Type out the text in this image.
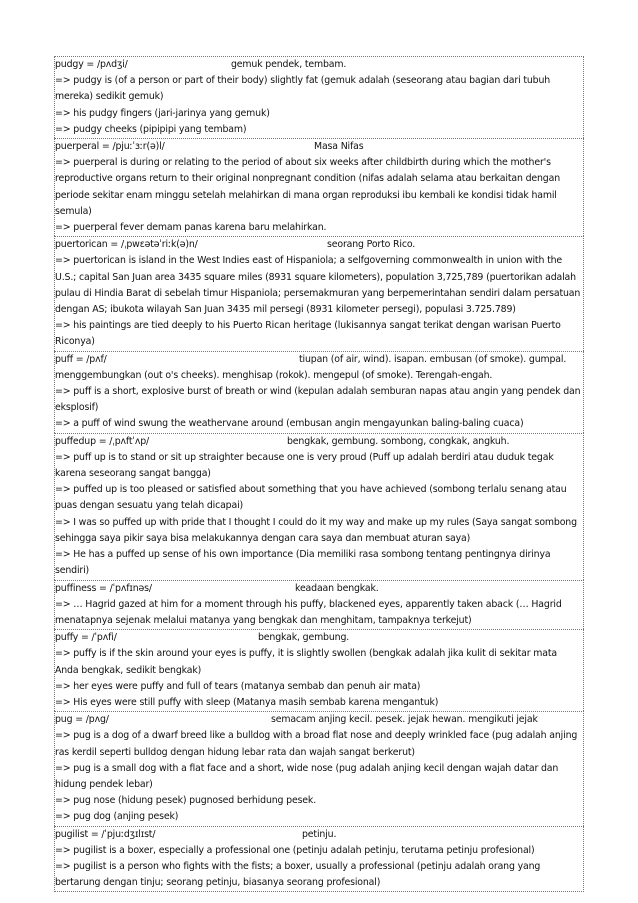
pudgy = /pʌdʒi/	gemuk pendek, tembam.
=> pudgy is (of a person or part of their body) slightly fat (gemuk adalah (seseorang atau bagian dari tubuh mereka) sedikit gemuk)
=> his pudgy fingers (jari-jarinya yang gemuk)
=> pudgy cheeks (pipipipi yang tembam)
puerperal = /pjuːˈɜːr(ə)l/	Masa Nifas
=> puerperal is during or relating to the period of about six weeks after childbirth during which the mother's reproductive organs return to their original nonpregnant condition (nifas adalah selama atau berkaitan dengan periode sekitar enam minggu setelah melahirkan di mana organ reproduksi ibu kembali ke kondisi tidak hamil semula)
=> puerperal fever demam panas karena baru melahirkan.
puertorican = /ˌpwɛətəˈriːk(ə)n/	seorang Porto Rico.
=> puertorican is island in the West Indies east of Hispaniola; a selfgoverning commonwealth in union with the U.S.; capital San Juan area 3435 square miles (8931 square kilometers), population 3,725,789 (puertorikan adalah pulau di Hindia Barat di sebelah timur Hispaniola; persemakmuran yang berpemerintahan sendiri dalam persatuan dengan AS; ibukota wilayah San Juan 3435 mil persegi (8931 kilometer persegi), populasi 3.725.789)
=> his paintings are tied deeply to his Puerto Rican heritage (lukisannya sangat terikat dengan warisan Puerto Riconya)
puff = /pʌf/	tiupan (of air, wind). isapan. embusan (of smoke). gumpal. menggembungkan (out o's cheeks). menghisap (rokok). mengepul (of smoke). Terengah-engah.
=> puff is a short, explosive burst of breath or wind (kepulan adalah semburan napas atau angin yang pendek dan eksplosif)
=> a puff of wind swung the weathervane around (embusan angin mengayunkan baling-baling cuaca)
puffedup = /ˌpʌftˈʌp/	bengkak, gembung. sombong, congkak, angkuh.
=> puff up is to stand or sit up straighter because one is very proud (Puff up adalah berdiri atau duduk tegak karena seseorang sangat bangga)
=> puffed up is too pleased or satisfied about something that you have achieved (sombong terlalu senang atau puas dengan sesuatu yang telah dicapai)
=> I was so puffed up with pride that I thought I could do it my way and make up my rules (Saya sangat sombong sehingga saya pikir saya bisa melakukannya dengan cara saya dan membuat aturan saya)
=> He has a puffed up sense of his own importance (Dia memiliki rasa sombong tentang pentingnya dirinya sendiri)
puffiness = /ˈpʌfɪnəs/	keadaan bengkak.
=> … Hagrid gazed at him for a moment through his puffy, blackened eyes, apparently taken aback (… Hagrid menatapnya sejenak melalui matanya yang bengkak dan menghitam, tampaknya terkejut)
puffy = /ˈpʌfi/	bengkak, gembung.
=> puffy is if the skin around your eyes is puffy, it is slightly swollen (bengkak adalah jika kulit di sekitar mata Anda bengkak, sedikit bengkak)
=> her eyes were puffy and full of tears (matanya sembab dan penuh air mata)
=> His eyes were still puffy with sleep (Matanya masih sembab karena mengantuk)
pug = /pʌg/	semacam anjing kecil. pesek. jejak hewan. mengikuti jejak
=> pug is a dog of a dwarf breed like a bulldog with a broad flat nose and deeply wrinkled face (pug adalah anjing ras kerdil seperti bulldog dengan hidung lebar rata dan wajah sangat berkerut)
=> pug is a small dog with a flat face and a short, wide nose (pug adalah anjing kecil dengan wajah datar dan hidung pendek lebar)
=> pug nose (hidung pesek) pugnosed berhidung pesek.
=> pug dog (anjing pesek)
pugilist = /ˈpjuːdʒɪlɪst/	petinju.
=> pugilist is a boxer, especially a professional one (petinju adalah petinju, terutama petinju profesional)
=> pugilist is a person who fights with the fists; a boxer, usually a professional (petinju adalah orang yang bertarung dengan tinju; seorang petinju, biasanya seorang profesional)
